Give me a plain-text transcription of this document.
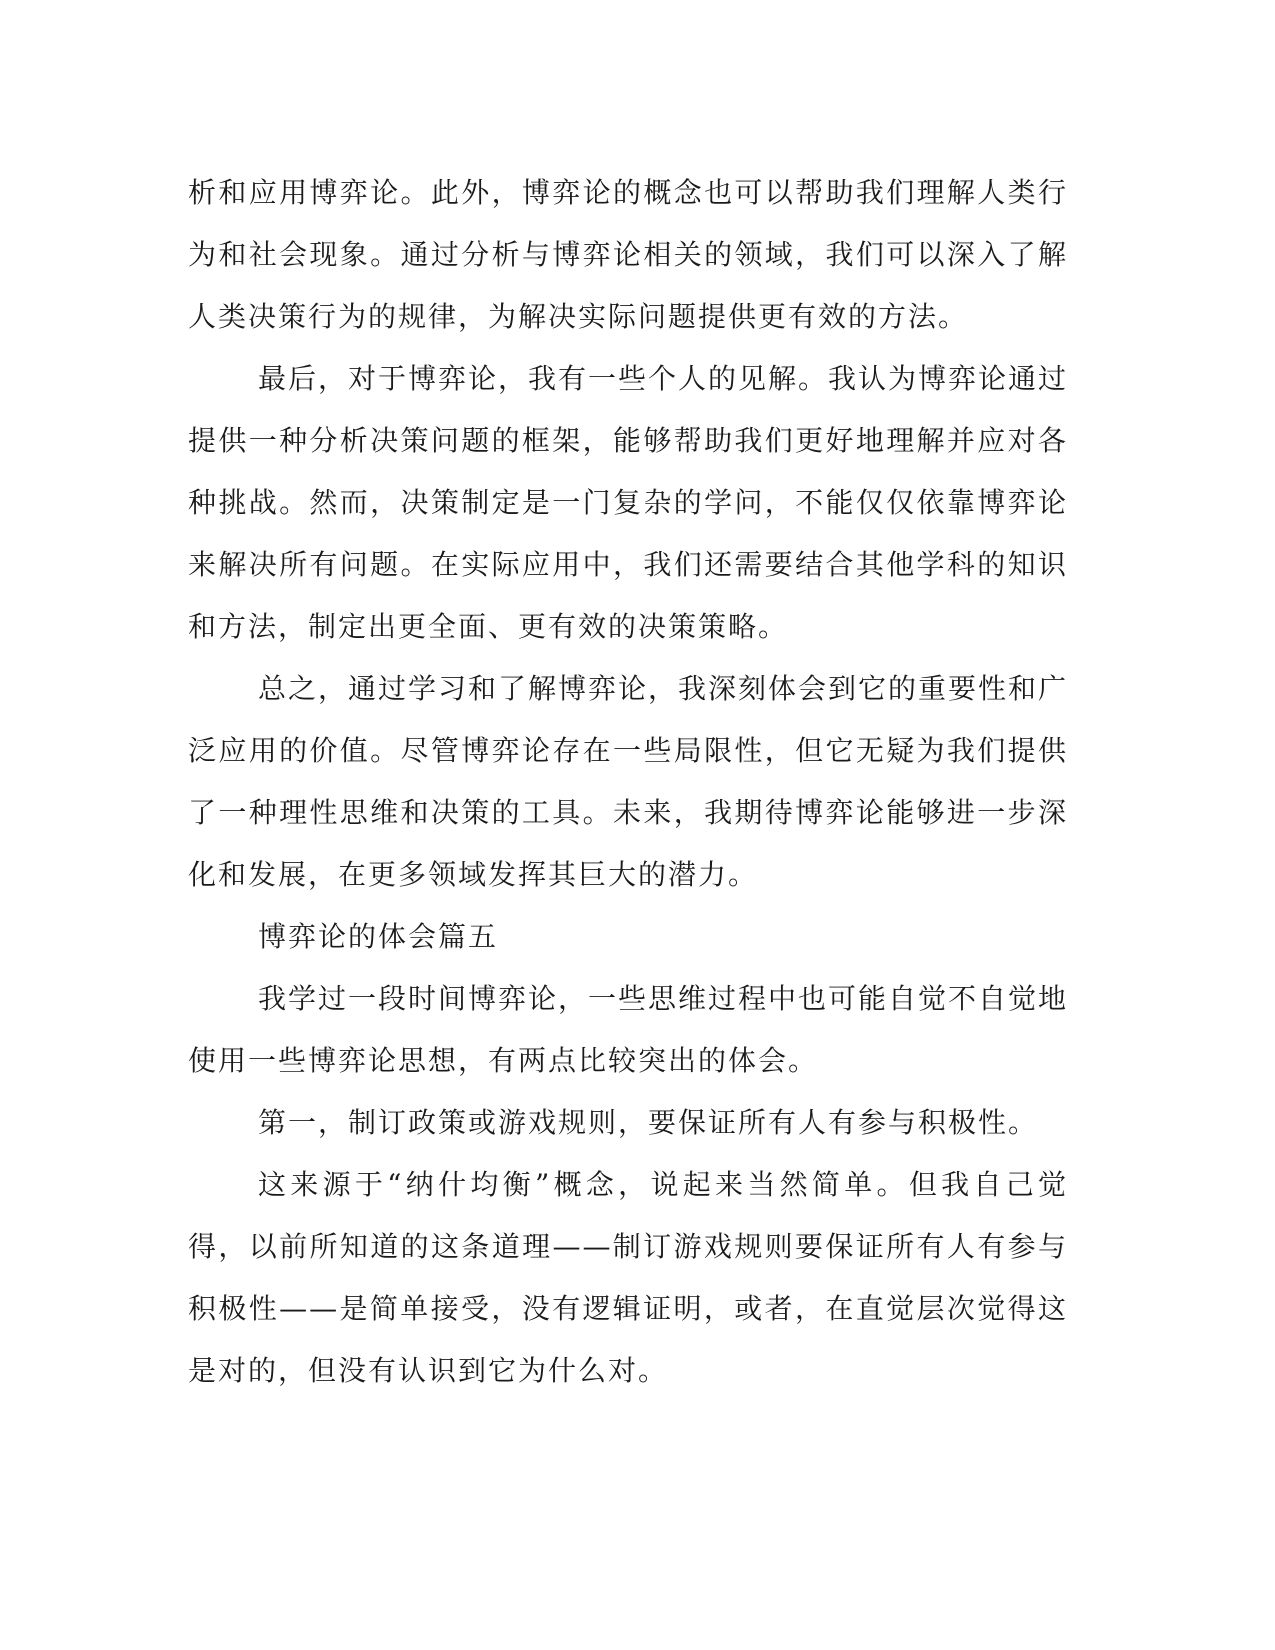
析和应用博弈论。此外，博弈论的概念也可以帮助我们理解人类行为和社会现象。通过分析与博弈论相关的领域，我们可以深入了解人类决策行为的规律，为解决实际问题提供更有效的方法。

最后，对于博弈论，我有一些个人的见解。我认为博弈论通过提供一种分析决策问题的框架，能够帮助我们更好地理解并应对各种挑战。然而，决策制定是一门复杂的学问，不能仅仅依靠博弈论来解决所有问题。在实际应用中，我们还需要结合其他学科的知识和方法，制定出更全面、更有效的决策策略。

总之，通过学习和了解博弈论，我深刻体会到它的重要性和广泛应用的价值。尽管博弈论存在一些局限性，但它无疑为我们提供了一种理性思维和决策的工具。未来，我期待博弈论能够进一步深化和发展，在更多领域发挥其巨大的潜力。

博弈论的体会篇五

我学过一段时间博弈论，一些思维过程中也可能自觉不自觉地使用一些博弈论思想，有两点比较突出的体会。

第一，制订政策或游戏规则，要保证所有人有参与积极性。

这来源于“纳什均衡”概念，说起来当然简单。但我自己觉得，以前所知道的这条道理——制订游戏规则要保证所有人有参与积极性——是简单接受，没有逻辑证明，或者，在直觉层次觉得这是对的，但没有认识到它为什么对。
